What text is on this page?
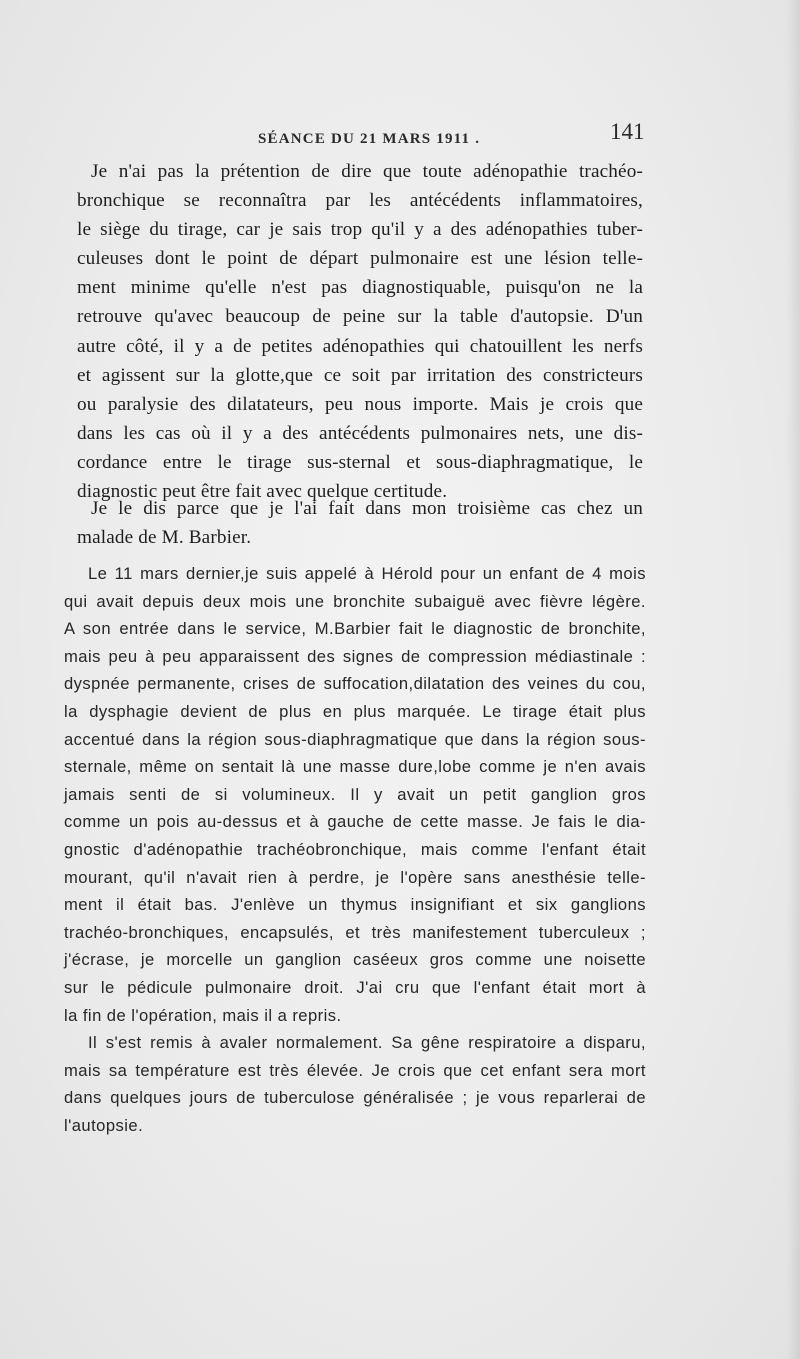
SÉANCE DU 21 MARS 1911 .	141
Je n'ai pas la prétention de dire que toute adénopathie trachéo-
bronchique se reconnaîtra par les antécédents inflammatoires,
le siège du tirage, car je sais trop qu'il y a des adénopathies tuber-
culeuses dont le point de départ pulmonaire est une lésion telle-
ment minime qu'elle n'est pas diagnostiquable, puisqu'on ne la
retrouve qu'avec beaucoup de peine sur la table d'autopsie. D'un
autre côté, il y a de petites adénopathies qui chatouillent les nerfs
et agissent sur la glotte,que ce soit par irritation des constricteurs
ou paralysie des dilatateurs, peu nous importe. Mais je crois que
dans les cas où il y a des antécédents pulmonaires nets, une dis-
cordance entre le tirage sus-sternal et sous-diaphragmatique, le
diagnostic peut être fait avec quelque certitude.
Je le dis parce que je l'ai fait dans mon troisième cas chez un
malade de M. Barbier.
Le 11 mars dernier,je suis appelé à Hérold pour un enfant de 4 mois
qui avait depuis deux mois une bronchite subaiguë avec fièvre légère.
A son entrée dans le service, M.Barbier fait le diagnostic de bronchite,
mais peu à peu apparaissent des signes de compression médiastinale :
dyspnée permanente, crises de suffocation,dilatation des veines du cou,
la dysphagie devient de plus en plus marquée. Le tirage était plus
accentué dans la région sous-diaphragmatique que dans la région sous-
sternale, même on sentait là une masse dure,lobe comme je n'en avais
jamais senti de si volumineux. Il y avait un petit ganglion gros
comme un pois au-dessus et à gauche de cette masse. Je fais le dia-
gnostic d'adénopathie trachéobronchique, mais comme l'enfant était
mourant, qu'il n'avait rien à perdre, je l'opère sans anesthésie telle-
ment il était bas. J'enlève un thymus insignifiant et six ganglions
trachéo-bronchiques, encapsulés, et très manifestement tuberculeux ;
j'écrase, je morcelle un ganglion caséeux gros comme une noisette
sur le pédicule pulmonaire droit. J'ai cru que l'enfant était mort à
la fin de l'opération, mais il a repris.
Il s'est remis à avaler normalement. Sa gêne respiratoire a disparu,
mais sa température est très élevée. Je crois que cet enfant sera mort
dans quelques jours de tuberculose généralisée ; je vous reparlerai de
l'autopsie.
